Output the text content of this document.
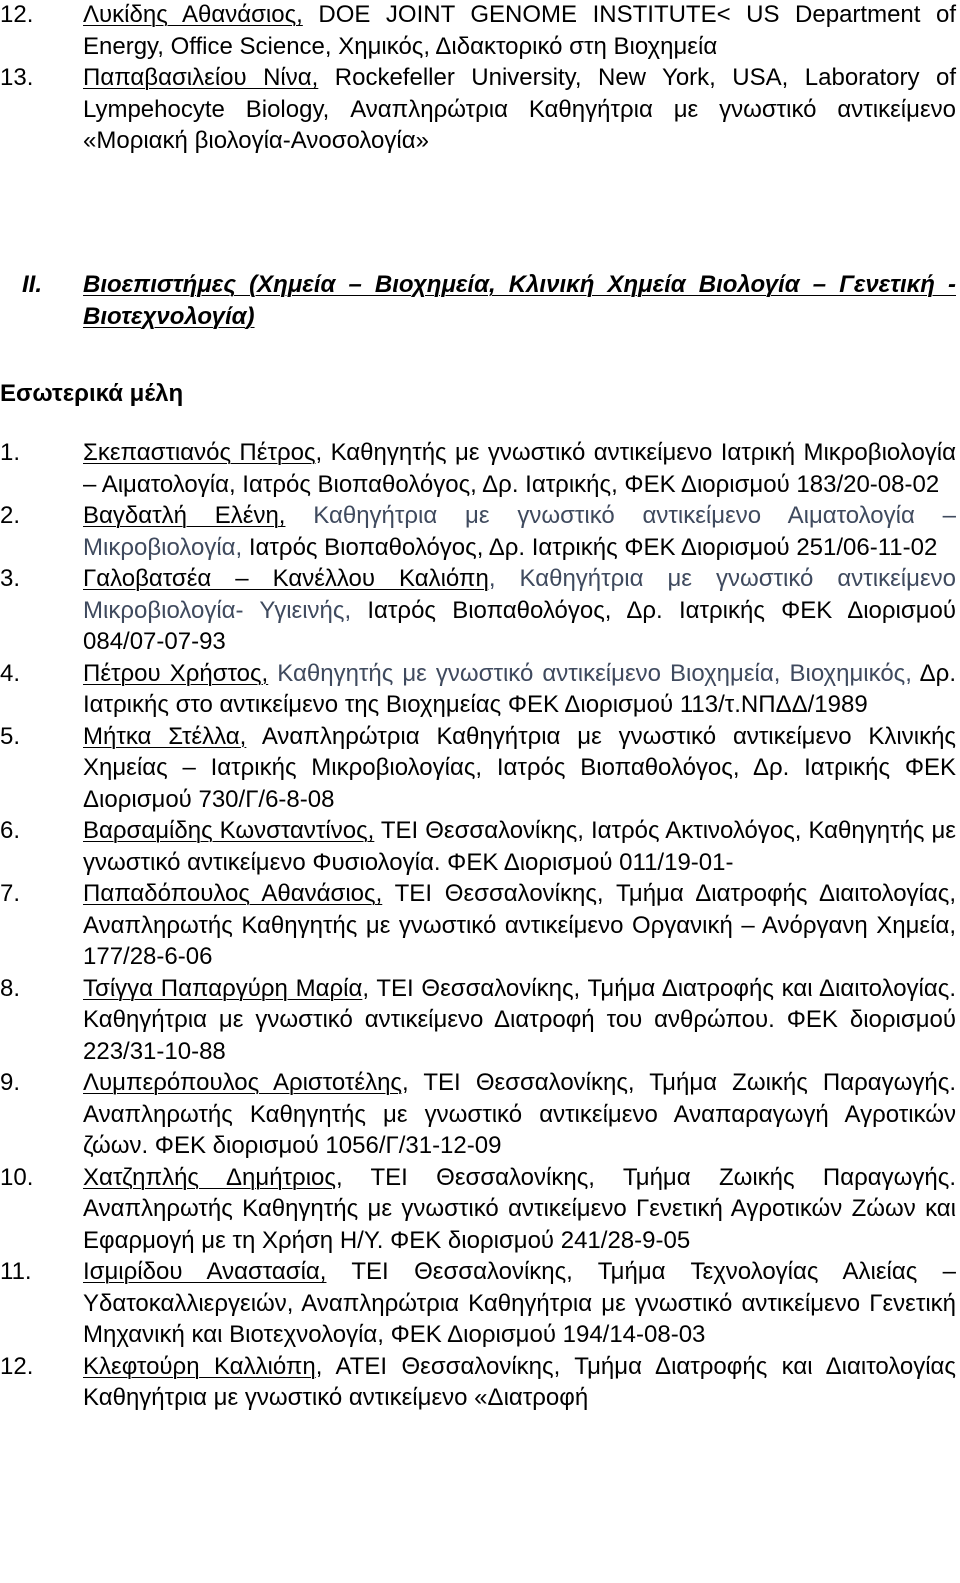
12.	Λυκίδης Αθανάσιος, DOE JOINT GENOME INSTITUTE< US Department of Energy, Office Science, Χημικός, Διδακτορικό στη Βιοχημεία
13.	Παπαβασιλείου Νίνα, Rockefeller University, New York, USA, Laboratory of Lympehocyte Biology, Αναπληρώτρια Καθηγήτρια με γνωστικό αντικείμενο «Μοριακή βιολογία-Ανοσολογία»
II.	Βιοεπιστήμες (Χημεία – Βιοχημεία, Κλινική Χημεία Βιολογία – Γενετική - Βιοτεχνολογία)
Εσωτερικά μέλη
1.	Σκεπαστιανός Πέτρος, Καθηγητής με γνωστικό αντικείμενο Ιατρική Μικροβιολογία – Αιματολογία, Ιατρός Βιοπαθολόγος, Δρ. Ιατρικής, ΦΕΚ Διορισμού 183/20-08-02
2.	Βαγδατλή Ελένη, Καθηγήτρια με γνωστικό αντικείμενο Αιματολογία – Μικροβιολογία, Ιατρός Βιοπαθολόγος, Δρ. Ιατρικής ΦΕΚ Διορισμού 251/06-11-02
3.	Γαλοβατσέα – Κανέλλου Καλιόπη, Καθηγήτρια με γνωστικό αντικείμενο Μικροβιολογία- Υγιεινής, Ιατρός Βιοπαθολόγος, Δρ. Ιατρικής ΦΕΚ Διορισμού 084/07-07-93
4.	Πέτρου Χρήστος, Καθηγητής με γνωστικό αντικείμενο Βιοχημεία, Βιοχημικός, Δρ. Ιατρικής στο αντικείμενο της Βιοχημείας ΦΕΚ Διορισμού 113/τ.ΝΠΔΔ/1989
5.	Μήτκα Στέλλα, Αναπληρώτρια Καθηγήτρια με γνωστικό αντικείμενο Κλινικής Χημείας – Ιατρικής Μικροβιολογίας, Ιατρός Βιοπαθολόγος, Δρ. Ιατρικής ΦΕΚ Διορισμού 730/Γ/6-8-08
6.	Βαρσαμίδης Κωνσταντίνος, ΤΕΙ Θεσσαλονίκης, Ιατρός Ακτινολόγος, Καθηγητής με γνωστικό αντικείμενο Φυσιολογία. ΦΕΚ Διορισμού 011/19-01-
7.	Παπαδόπουλος Αθανάσιος, ΤΕΙ Θεσσαλονίκης, Τμήμα Διατροφής Διαιτολογίας, Αναπληρωτής Καθηγητής με γνωστικό αντικείμενο Οργανική – Ανόργανη Χημεία, 177/28-6-06
8.	Τσίγγα Παπαργύρη Μαρία, ΤΕΙ Θεσσαλονίκης, Τμήμα Διατροφής και Διαιτολογίας. Καθηγήτρια με γνωστικό αντικείμενο Διατροφή του ανθρώπου. ΦΕΚ διορισμού 223/31-10-88
9.	Λυμπερόπουλος Αριστοτέλης, ΤΕΙ Θεσσαλονίκης, Τμήμα Ζωικής Παραγωγής. Αναπληρωτής Καθηγητής με γνωστικό αντικείμενο Αναπαραγωγή Αγροτικών ζώων. ΦΕΚ διορισμού 1056/Γ/31-12-09
10.	Χατζηπλής Δημήτριος, ΤΕΙ Θεσσαλονίκης, Τμήμα Ζωικής Παραγωγής. Αναπληρωτής Καθηγητής με γνωστικό αντικείμενο Γενετική Αγροτικών Ζώων και Εφαρμογή με τη Χρήση Η/Υ. ΦΕΚ διορισμού 241/28-9-05
11.	Ισμιρίδου Αναστασία, ΤΕΙ Θεσσαλονίκης, Τμήμα Τεχνολογίας Αλιείας – Υδατοκαλλιεργειών, Αναπληρώτρια Καθηγήτρια με γνωστικό αντικείμενο Γενετική Μηχανική και Βιοτεχνολογία, ΦΕΚ Διορισμού 194/14-08-03
12.	Κλεφτούρη Καλλιόπη, ΑΤΕΙ Θεσσαλονίκης, Τμήμα Διατροφής και Διαιτολογίας Καθηγήτρια με γνωστικό αντικείμενο «Διατροφή
